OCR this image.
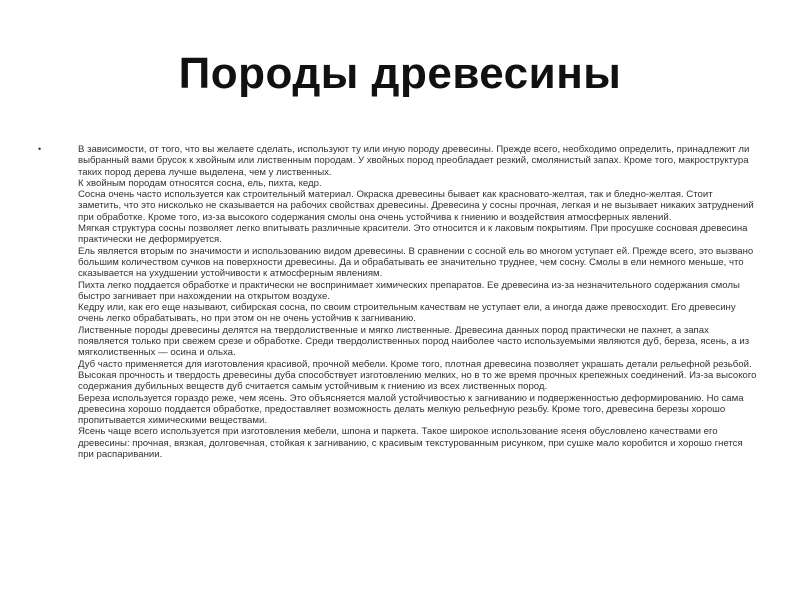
Породы древесины
•	В зависимости, от того, что вы желаете сделать, используют ту или иную породу древесины. Прежде всего, необходимо определить, принадлежит ли выбранный вами брусок к хвойным или лиственным породам. У хвойных пород преобладает резкий, смолянистый запах. Кроме того, макроструктура таких пород дерева лучше выделена, чем у лиственных.
К хвойным породам относятся сосна, ель, пихта, кедр.
Сосна очень часто используется как строительный материал. Окраска древесины бывает как красновато-желтая, так и бледно-желтая. Стоит заметить, что это нисколько не сказывается на рабочих свойствах древесины. Древесина у сосны прочная, легкая и не вызывает никаких затруднений при обработке. Кроме того, из-за высокого содержания смолы она очень устойчива к гниению и воздействия атмосферных явлений.
Мягкая структура сосны позволяет легко впитывать различные красители. Это относится и к лаковым покрытиям. При просушке сосновая древесина практически не деформируется.
Ель является вторым по значимости и использованию видом древесины. В сравнении с сосной ель во многом уступает ей. Прежде всего, это вызвано большим количеством сучков на поверхности древесины. Да и обрабатывать ее значительно труднее, чем сосну. Смолы в ели немного меньше, что сказывается на ухудшении устойчивости к атмосферным явлениям.
Пихта легко поддается обработке и практически не воспринимает химических препаратов. Ее древесина из-за незначительного содержания смолы быстро загнивает при нахождении на открытом воздухе.
Кедру или, как его еще называют, сибирская сосна, по своим строительным качествам не уступает ели, а иногда даже превосходит. Его древесину очень легко обрабатывать, но при этом он не очень устойчив к загниванию.
Лиственные породы древесины делятся на твердолиственные и мягко лиственные. Древесина данных пород практически не пахнет, а запах появляется только при свежем срезе и обработке. Среди твердолиственных пород наиболее часто используемыми являются дуб, береза, ясень, а из мягколиственных — осина и ольха.
Дуб часто применяется для изготовления красивой, прочной мебели. Кроме того, плотная древесина позволяет украшать детали рельефной резьбой. Высокая прочность и твердость древесины дуба способствует изготовлению мелких, но в то же время прочных крепежных соединений. Из-за высокого содержания дубильных веществ дуб считается самым устойчивым к гниению из всех лиственных пород.
Береза используется гораздо реже, чем ясень. Это объясняется малой устойчивостью к загниванию и подверженностью деформированию. Но сама древесина хорошо поддается обработке, предоставляет возможность делать мелкую рельефную резьбу. Кроме того, древесина березы хорошо пропитывается химическими веществами.
Ясень чаще всего используется при изготовления мебели, шпона и паркета. Такое широкое использование ясеня обусловлено качествами его древесины: прочная, вязкая, долговечная, стойкая к загниванию, с красивым текстурованным рисунком, при сушке мало коробится и хорошо гнется при распаривании.
